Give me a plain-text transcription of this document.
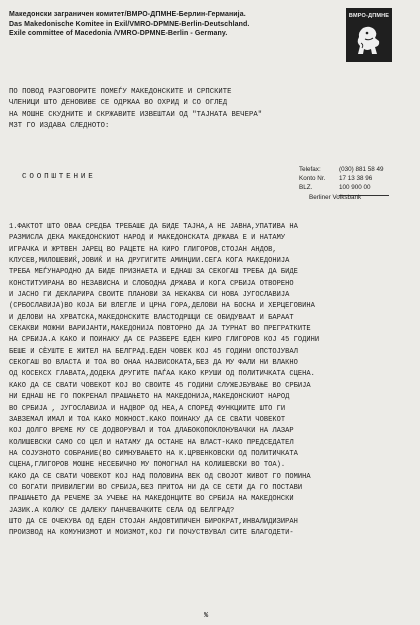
Македонски заграничен комитет/ВМРО-ДПМНЕ-Берлин-Германија.
Das Makedonische Komitee in Exil/VMRO-DPMNE-Berlin-Deutschland.
Exile committee of Macedonia /VMRO-DPMNE-Berlin - Germany.
ВМРО-ДПМНЕ
ПО ПОВОД РАЗГОВОРИТЕ ПОМЕЃУ МАКЕДОНСКИТЕ И СРПСКИТЕ
ЧЛЕНИЦИ ШТО ДЕНОВИВЕ СЕ ОДРЖАА ВО ОХРИД И СО ОГЛЕД
НА МОШНЕ СКУДНИТЕ И СКРЖАВИТЕ ИЗВЕШТАИ ОД "ТАЈНАТА ВЕЧЕРА"
МЗТ ГО ИЗДАВА СЛЕДНОТО:
СООПШТЕНИЕ
Telefax:	(030) 881 58 49
Konto Nr. 17 13 38 96
BLZ.	100 900 00
Berliner Volksbank
1.ФАКТОТ ШТО ОВАА СРЕДБА ТРЕБАШЕ ДА БИДЕ ТАЈНА,А НЕ ЈАВНА,УПАТИВА НА
РАЗМИСЛА ДЕКА МАКЕДОНСКИОТ НАРОД И МАКЕДОНСКАТА ДРЖАВА Е И НАТАМУ
ИГРАЧКА И ЖРТВЕН ЈАРЕЦ ВО РАЦЕТЕ НА КИРО ГЛИГОРОВ,СТОЈАН АНДОВ,
КЛУСЕВ,МИЛОШЕВИЌ,ЈОВИЌ И НА ДРУГИГИТЕ АМИНЏИИ.СЕГА КОГА МАКЕДОНИЈА
ТРЕБА МЕЃУНАРОДНО ДА БИДЕ ПРИЗНАЕТА И ЕДНАШ ЗА СЕКОГАШ ТРЕБА ДА БИДЕ
КОНСТИТУИРАНА ВО НЕЗАВИСНА И СЛОБОДНА ДРЖАВА И КОГА СРБИЈА ОТВОРЕНО
И ЈАСНО ГИ ДЕКЛАРИРА СВОИТЕ ПЛАНОВИ ЗА НЕКАКВА СИ НОВА ЈУГОСЛАВИЈА
(СРБОСЛАВИЈА)ВО КОЈА БИ ВЛЕГЛЕ И ЦРНА ГОРА,ДЕЛОВИ НА БОСНА И ХЕРЦЕГОВИНА
И ДЕЛОВИ НА ХРВАТСКА,МАКЕДОНСКИТЕ ВЛАСТОДРШЦИ СЕ ОБИДУВААТ И БАРААТ
СЕКАКВИ МОЖНИ ВАРИЈАНТИ,МАКЕДОНИЈА ПОВТОРНО ДА ЈА ТУРНАТ ВО ПРЕГРАТКИТЕ
НА СРБИЈА.А КАКО И ПОИНАКУ ДА СЕ РАЗБЕРЕ ЕДЕН КИРО ГЛИГОРОВ КОЈ 45 ГОДИНИ
БЕШЕ И СЀУШТЕ Е ЖИТЕЛ НА БЕЛГРАД.ЕДЕН ЧОВЕК КОЈ 45 ГОДИНИ ОПСТОЈУВАЛ
СЕКОГАШ ВО ВЛАСТА И ТОА ВО ОНАА НАЈВИСОКАТА,БЕЗ ДА МУ ФАЛИ НИ ВЛАКНО
ОД КОСЕКСХ ГЛАВАТА,ДОДЕКА ДРУГИТЕ ПАЃАА КАКО КРУШИ ОД ПОЛИТИЧКАТА СЦЕНА.
КАКО ДА СЕ СВАТИ ЧОВЕКОТ КОЈ ВО СВОИТЕ 45 ГОДИНИ СЛУЖЕЈБУВАЊЕ ВО СРБИЈА
НИ ЕДНАШ НЕ ГО ПОКРЕНАЛ ПРАШАЊЕТО НА МАКЕДОНИЈА,МАКЕДОНСКИОТ НАРОД
ВО СРБИЈА , ЈУГОСЛАВИЈА И НАДВОР ОД НЕА,А СПОРЕД ФУНКЦИИТЕ ШТО ГИ
ЗАВЗЕМАЛ ИМАЛ И ТОА КАКО МОЖНОСТ.КАКО ПОИНАКУ ДА СЕ СВАТИ ЧОВЕКОТ
КОЈ ДОЛГО ВРЕМЕ МУ СЕ ДОДВОРУВАЛ И ТОА ДЛАБОКОПОКЛОНУВАЧКИ НА ЛАЗАР
КОЛИШЕВСКИ САМО СО ЦЕЛ И НАТАМУ ДА ОСТАНЕ НА ВЛАСТ-КАКО ПРЕДСЕДАТЕЛ
НА СОЈУЗНОТО СОБРАНИЕ(ВО СИМНУВАЊЕТО НА К.ЦРВЕНКОВСКИ ОД ПОЛИТИЧКАТА
СЦЕНА,ГЛИГОРОВ МОШНЕ НЕСЕБИЧНО МУ ПОМОГНАЛ НА КОЛИШЕВСКИ ВО ТОА).
КАКО ДА СЕ СВАТИ ЧОВЕКОТ КОЈ НАД ПОЛОВИНА ВЕК ОД СВОЈОТ ЖИВОТ ГО ПОМИНА
СО БОГАТИ ПРИВИЛЕГИИ ВО СРБИЈА,БЕЗ ПРИТОА НИ ДА СЕ СЕТИ ДА ГО ПОСТАВИ
ПРАШАЊЕТО ДА РЕЧЕМЕ ЗА УЧЕЊЕ НА МАКЕДОНЦИТЕ ВО СРБИЈА НА МАКЕДОНСКИ
ЈАЗИК.А КОЛКУ СЕ ДАЛЕКУ ПАНЧЕВАЧКИТЕ СЕЛА ОД БЕЛГРАД?
ШТО ДА СЕ ОЧЕКУВА ОД ЕДЕН СТОЈАН АНДОВТИПИЧЕН БИРОКРАТ,ИНВАЛИДИЗИРАН
ПРОИЗВОД НА КОМУНИЗМОТ И МОИЗМОТ,КОЈ ГИ ПОЧУСТВУВАЛ СИТЕ БЛАГОДЕТИ-
%
